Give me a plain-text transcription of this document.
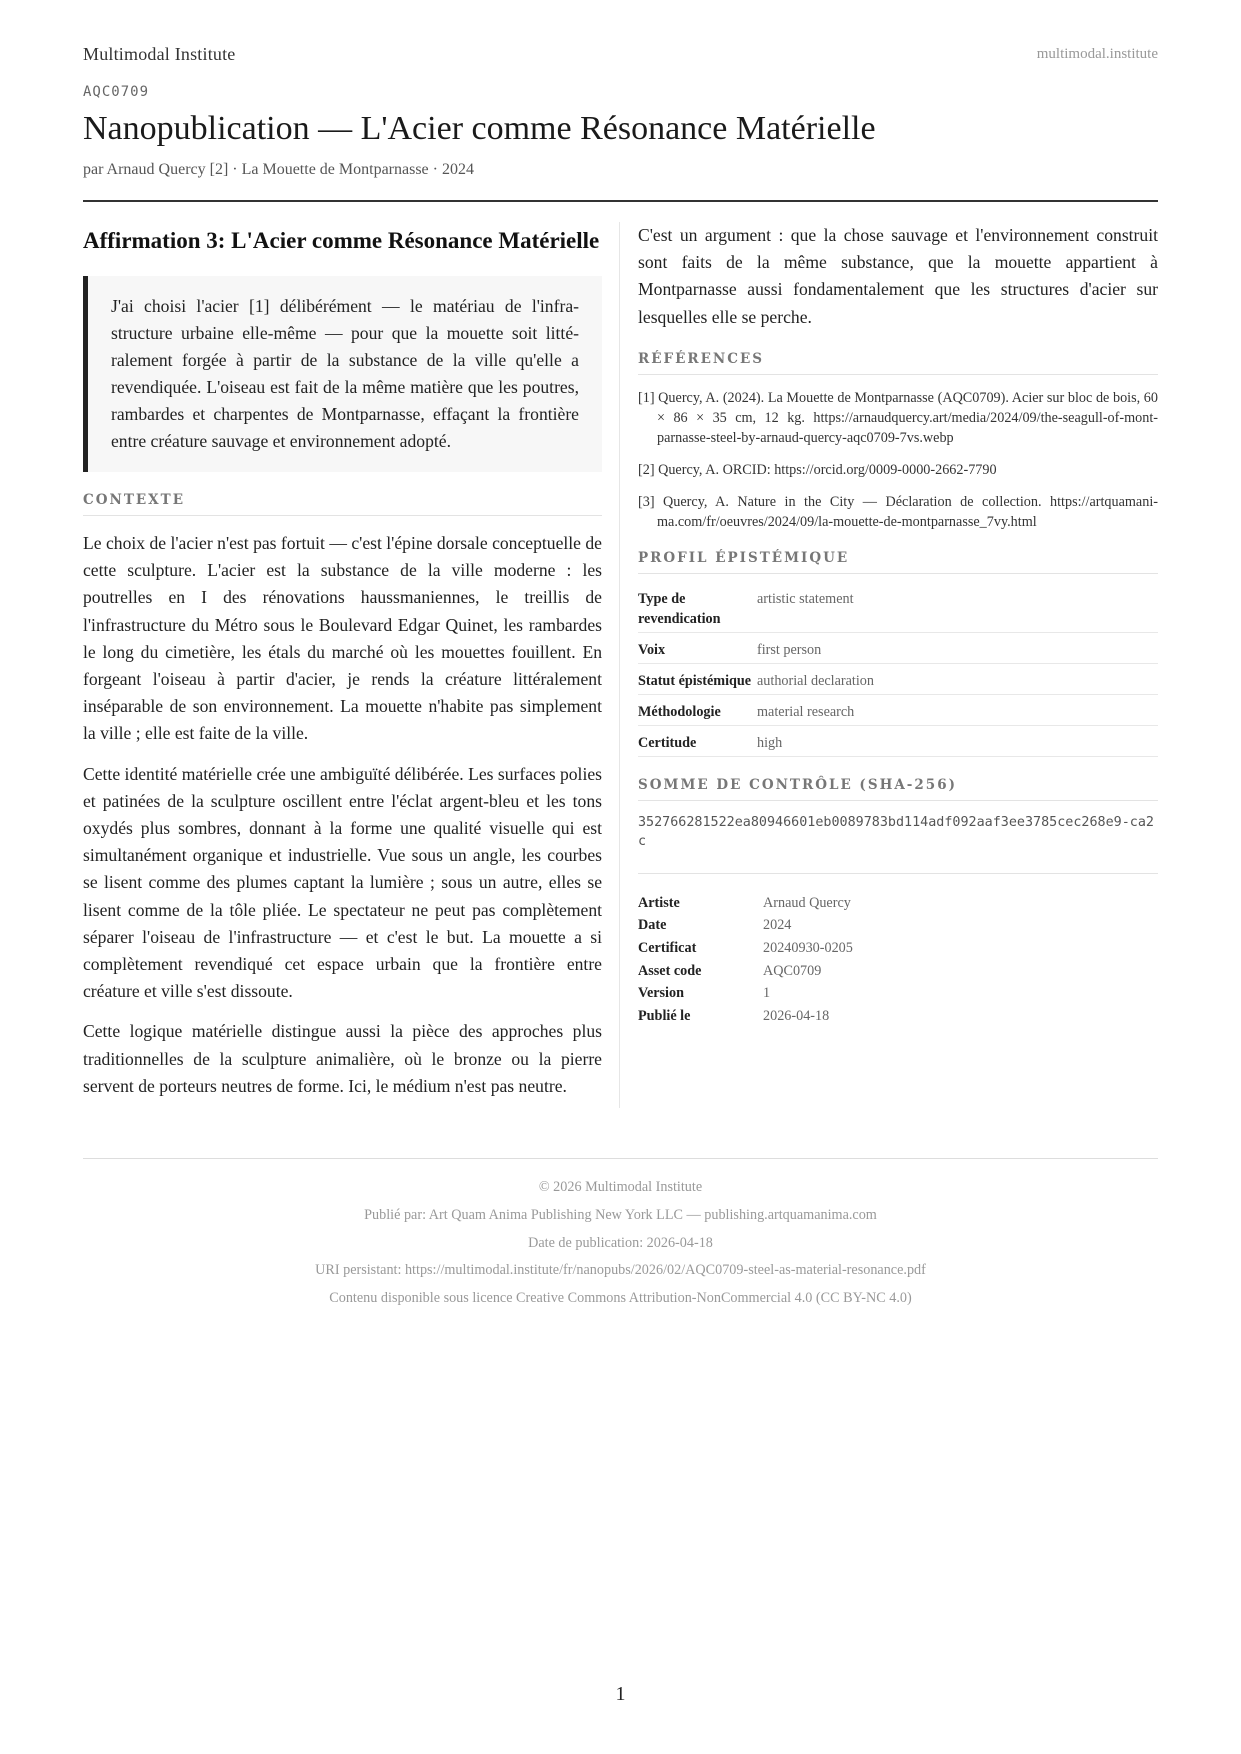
Multimodal Institute	multimodal.institute
AQC0709
Nanopublication — L'Acier comme Résonance Matérielle
par Arnaud Quercy [2] · La Mouette de Montparnasse · 2024
Affirmation 3: L'Acier comme Résonance Matérielle
J'ai choisi l'acier [1] délibérément — le matériau de l'infrastructure urbaine elle-même — pour que la mouette soit littéralement forgée à partir de la substance de la ville qu'elle a revendiquée. L'oiseau est fait de la même matière que les poutres, rambardes et charpentes de Montparnasse, effaçant la frontière entre créature sauvage et environnement adopté.
CONTEXTE

Le choix de l'acier n'est pas fortuit — c'est l'épine dorsale conceptuelle de cette sculpture. L'acier est la substance de la ville moderne : les poutrelles en I des rénovations haussmaniennes, le treillis de l'infrastructure du Métro sous le Boulevard Edgar Quinet, les rambardes le long du cimetière, les étals du marché où les mouettes fouillent. En forgeant l'oiseau à partir d'acier, je rends la créature littéralement inséparable de son environnement. La mouette n'habite pas simplement la ville ; elle est faite de la ville.

Cette identité matérielle crée une ambiguïté délibérée. Les surfaces polies et patinées de la sculpture oscillent entre l'éclat argent-bleu et les tons oxydés plus sombres, donnant à la forme une qualité visuelle qui est simultanément organique et industrielle. Vue sous un angle, les courbes se lisent comme des plumes captant la lumière ; sous un autre, elles se lisent comme de la tôle pliée. Le spectateur ne peut pas complètement séparer l'oiseau de l'infrastructure — et c'est le but. La mouette a si complètement revendiqué cet espace urbain que la frontière entre créature et ville s'est dissoute.

Cette logique matérielle distingue aussi la pièce des approches plus traditionnelles de la sculpture animalière, où le bronze ou la pierre servent de porteurs neutres de forme. Ici, le médium n'est pas neutre.

C'est un argument : que la chose sauvage et l'environnement construit sont faits de la même substance, que la mouette appartient à Montparnasse aussi fondamentalement que les structures d'acier sur lesquelles elle se perche.

RÉFÉRENCES
[1] Quercy, A. (2024). La Mouette de Montparnasse (AQC0709). Acier sur bloc de bois, 60 × 86 × 35 cm, 12 kg. https://arnaudquercy.art/media/2024/09/the-seagull-of-montparnasse-steel-by-arnaud-quercy-aqc0709-7vs.webp
[2] Quercy, A. ORCID: https://orcid.org/0009-0000-2662-7790
[3] Quercy, A. Nature in the City — Déclaration de collection. https://artquamanima.com/fr/oeuvres/2024/09/la-mouette-de-montparnasse_7vy.html
PROFIL ÉPISTÉMIQUE
Type de revendication	artistic statement
Voix	first person
Statut épistémique	authorial declaration
Méthodologie	material research
Certitude	high
SOMME DE CONTRÔLE (SHA-256)
352766281522ea80946601eb0089783bd114adf092aaf3ee3785cec268e9-ca2c
Artiste	Arnaud Quercy
Date	2024
Certificat	20240930-0205
Asset code	AQC0709
Version	1
Publié le	2026-04-18
© 2026 Multimodal Institute
Publié par: Art Quam Anima Publishing New York LLC — publishing.artquamanima.com
Date de publication: 2026-04-18
URI persistant: https://multimodal.institute/fr/nanopubs/2026/02/AQC0709-steel-as-material-resonance.pdf
Contenu disponible sous licence Creative Commons Attribution-NonCommercial 4.0 (CC BY-NC 4.0)
1
